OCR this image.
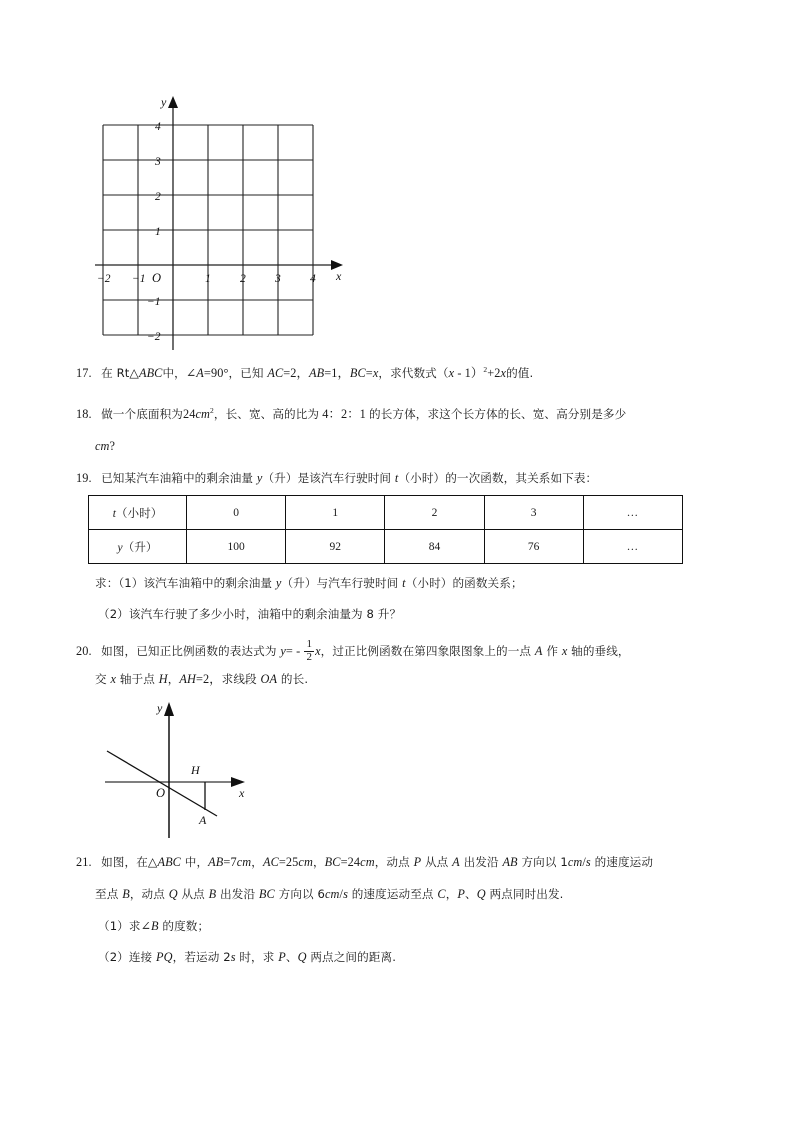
x
y
O
−2 −1	1	2	3	4
4
3
2
1
−1
−2
17.  在 Rt△ABC中，∠A=90°，已知 AC=2，AB=1，BC=x，求代数式（x - 1）$^2$+2x的值.
18.  做一个底面积为$24cm^2$，长、宽、高的比为 4：2：1 的长方体，求这个长方体的长、宽、高分别是多少
cm?
19.  已知某汽车油箱中的剩余油量 y（升）是该汽车行驶时间 t（小时）的一次函数，其关系如下表：
t（小时）	0	1	2	3	…
y（升）	100	92	84	76	…
求：（1）该汽车油箱中的剩余油量 y（升）与汽车行驶时间 t（小时）的函数关系；
（2）该汽车行驶了多少小时，油箱中的剩余油量为 8 升？
20.  如图，已知正比例函数的表达式为 $y= - \frac{1}{2}$ x，过正比例函数在第四象限图象上的一点 A 作 x 轴的垂线，
交 x 轴于点 H，AH=2，求线段 OA 的长.
H
A
O	x
y
21.  如图，在△ABC 中，AB=7cm，AC=25cm，BC=24cm，动点 P 从点 A 出发沿 AB 方向以 1cm/s 的速度运动
至点 B，动点 Q 从点 B 出发沿 BC 方向以 6cm/s 的速度运动至点 C，P、Q 两点同时出发.
（1）求∠B 的度数；
（2）连接 PQ，若运动 2s 时，求 P、Q 两点之间的距离.
